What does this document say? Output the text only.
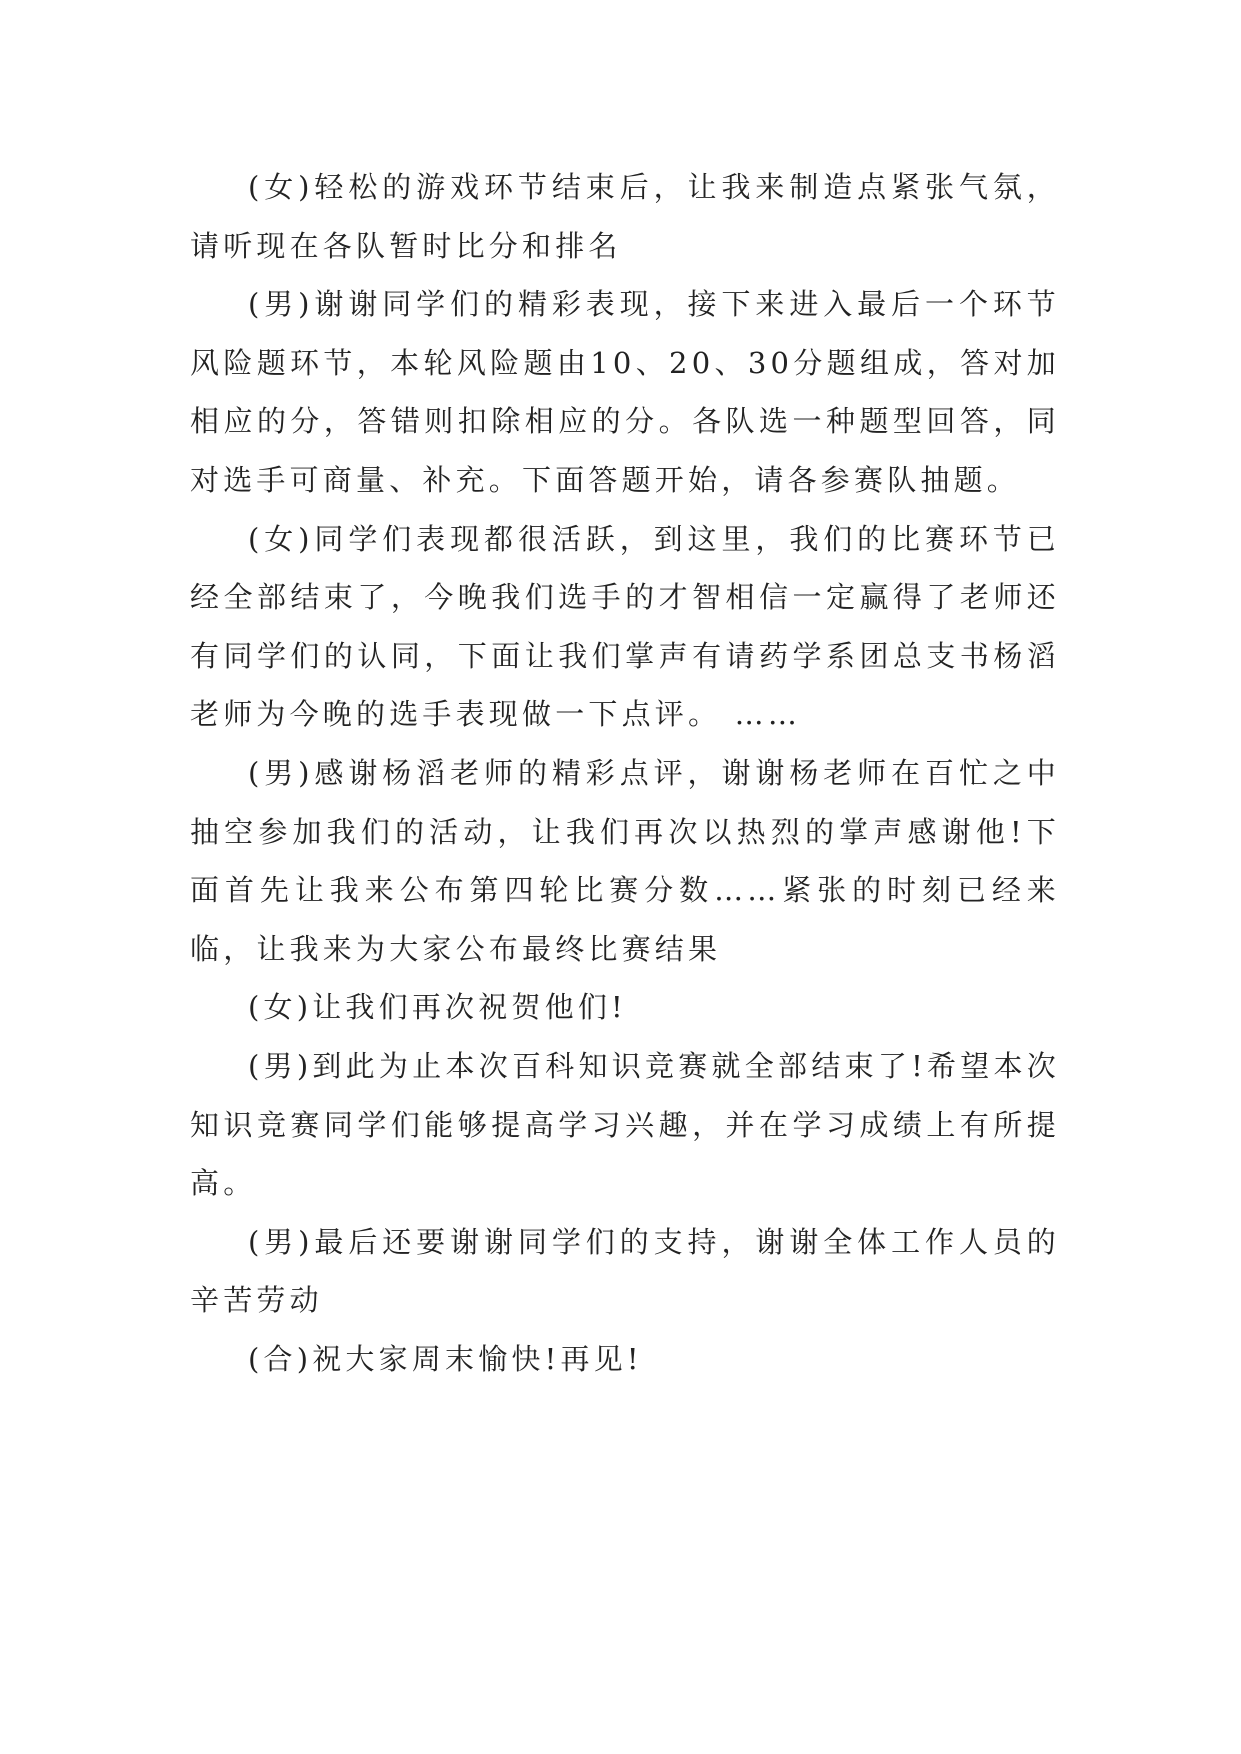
(女)轻松的游戏环节结束后，让我来制造点紧张气氛，请听现在各队暂时比分和排名

(男)谢谢同学们的精彩表现，接下来进入最后一个环节风险题环节，本轮风险题由10、20、30分题组成，答对加相应的分，答错则扣除相应的分。各队选一种题型回答，同对选手可商量、补充。下面答题开始，请各参赛队抽题。

(女)同学们表现都很活跃，到这里，我们的比赛环节已经全部结束了，今晚我们选手的才智相信一定赢得了老师还有同学们的认同，下面让我们掌声有请药学系团总支书杨滔老师为今晚的选手表现做一下点评。 ……

(男)感谢杨滔老师的精彩点评，谢谢杨老师在百忙之中抽空参加我们的活动，让我们再次以热烈的掌声感谢他!下面首先让我来公布第四轮比赛分数……紧张的时刻已经来临，让我来为大家公布最终比赛结果

(女)让我们再次祝贺他们!

(男)到此为止本次百科知识竞赛就全部结束了!希望本次知识竞赛同学们能够提高学习兴趣，并在学习成绩上有所提高。

(男)最后还要谢谢同学们的支持，谢谢全体工作人员的辛苦劳动

(合)祝大家周末愉快!再见!
